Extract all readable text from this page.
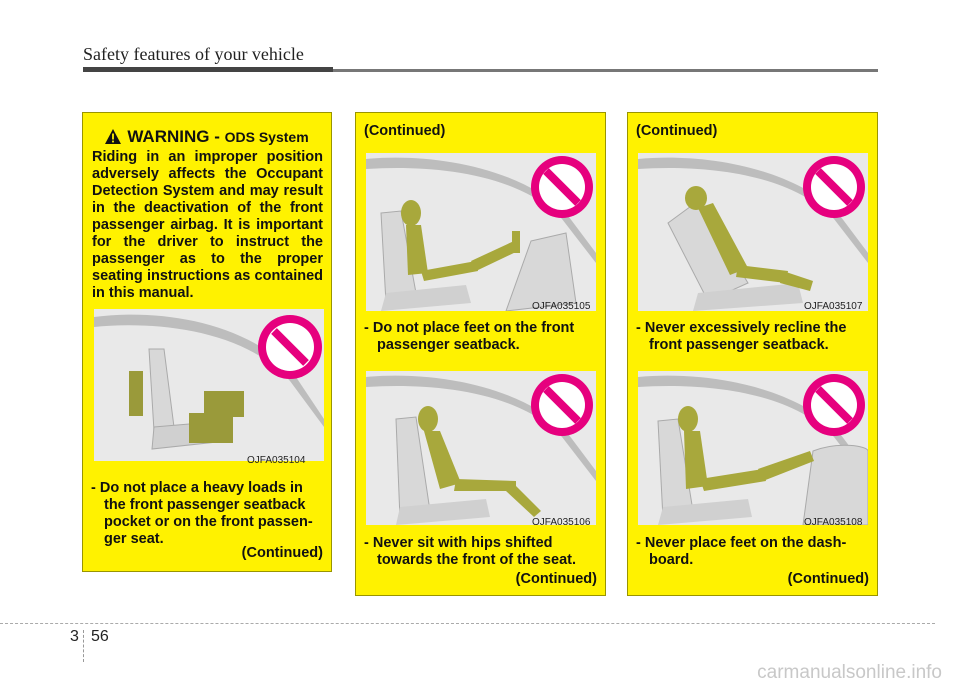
Safety features of your vehicle
WARNING - ODS System
Riding in an improper position adversely affects the Occupant Detection System and may result in the deactivation of the front passenger airbag. It is important for the driver to instruct the passenger as to the proper seating instructions as contained in this manual.
OJFA035104
- Do not place a heavy loads in the front passenger seatback pocket or on the front passen-ger seat.
(Continued)
(Continued)
OJFA035105
- Do not place feet on the front passenger seatback.
OJFA035106
- Never sit with hips shifted towards the front of the seat.
(Continued)
(Continued)
OJFA035107
- Never excessively recline the front passenger seatback.
OJFA035108
- Never place feet on the dash-board.
(Continued)
3 56
carmanualsonline.info
